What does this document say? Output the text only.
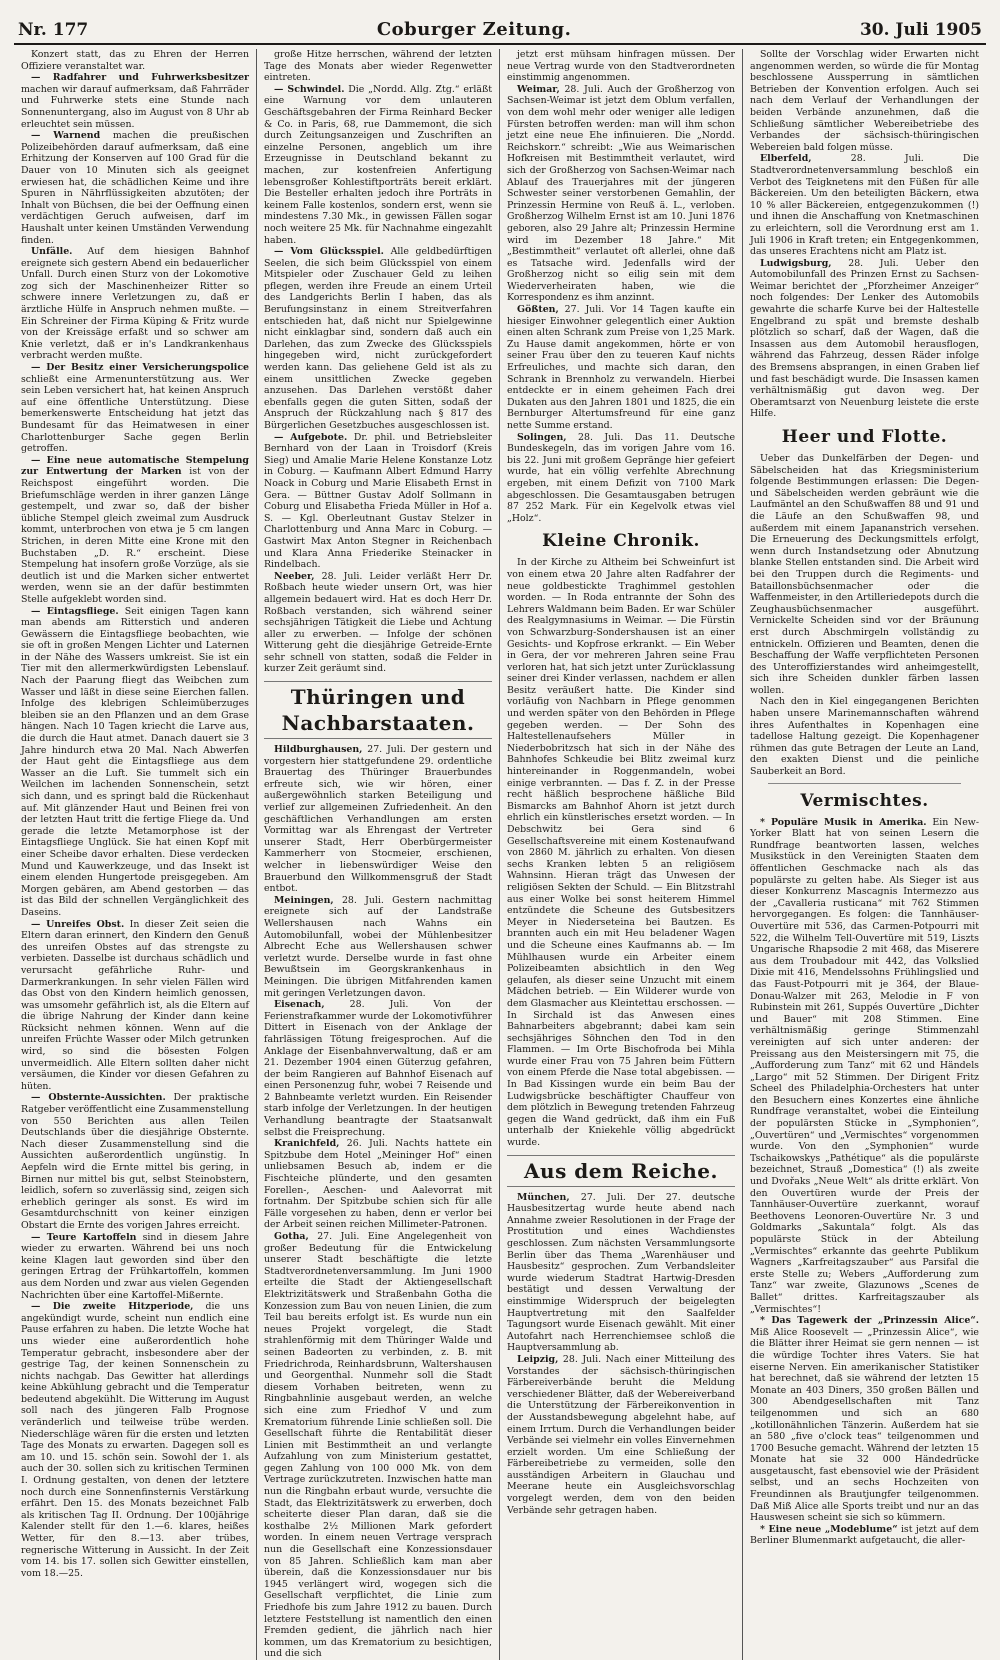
Nr. 177	Coburger Zeitung.	30. Juli 1905

Konzert statt, das zu Ehren der Herren Offiziere veranstaltet war.

— Radfahrer und Fuhrwerksbesitzer machen wir darauf aufmerksam, daß Fahrräder und Fuhrwerke stets eine Stunde nach Sonnenuntergang, also im August von 8 Uhr ab erleuchtet sein müssen.

— Warnend machen die preußischen Polizeibehörden darauf aufmerksam, daß eine Erhitzung der Konserven auf 100 Grad für die Dauer von 10 Minuten sich als geeignet erwiesen hat, die schädlichen Keime und ihre Spuren in Nährflüssigkeiten abzutöten; der Inhalt von Büchsen, die bei der Oeffnung einen verdächtigen Geruch aufweisen, darf im Haushalt unter keinen Umständen Verwendung finden.

Unfälle. Auf dem hiesigen Bahnhof ereignete sich gestern Abend ein bedauerlicher Unfall. Durch einen Sturz von der Lokomotive zog sich der Maschinenheizer Ritter so schwere innere Verletzungen zu, daß er ärztliche Hülfe in Anspruch nehmen mußte. — Ein Schreiner der Firma Küping & Fritz wurde von der Kreissäge erfaßt und so schwer am Knie verletzt, daß er in's Landkrankenhaus verbracht werden mußte.

— Der Besitz einer Versicherungspolice schließt eine Armenunterstützung aus. Wer sein Leben versichert hat, hat keinen Anspruch auf eine öffentliche Unterstützung. Diese bemerkenswerte Entscheidung hat jetzt das Bundesamt für das Heimatwesen in einer Charlottenburger Sache gegen Berlin getroffen.

— Eine neue automatische Stempelung zur Entwertung der Marken ist von der Reichspost eingeführt worden. Die Briefumschläge werden in ihrer ganzen Länge gestempelt, und zwar so, daß der bisher übliche Stempel gleich zweimal zum Ausdruck kommt, unterbrochen von etwa je 5 cm langen Strichen, in deren Mitte eine Krone mit den Buchstaben „D. R.“ erscheint. Diese Stempelung hat insofern große Vorzüge, als sie deutlich ist und die Marken sicher entwertet werden, wenn sie an der dafür bestimmten Stelle aufgeklebt worden sind.

— Eintagsfliege. Seit einigen Tagen kann man abends am Ritterstich und anderen Gewässern die Eintagsfliege beobachten, wie sie oft in großen Mengen Lichter und Laternen in der Nähe des Wassers umkreist. Sie ist ein Tier mit den allermerkwürdigsten Lebenslauf. Nach der Paarung fliegt das Weibchen zum Wasser und läßt in diese seine Eierchen fallen. Infolge des klebrigen Schleimüberzuges bleiben sie an den Pflanzen und an dem Grase hängen. Nach 10 Tagen kriecht die Larve aus, die durch die Haut atmet. Danach dauert sie 3 Jahre hindurch etwa 20 Mal. Nach Abwerfen der Haut geht die Eintagsfliege aus dem Wasser an die Luft. Sie tummelt sich ein Weilchen im lachenden Sonnenschein, setzt sich dann, und es springt bald die Rückenhaut auf. Mit glänzender Haut und Beinen frei von der letzten Haut tritt die fertige Fliege da. Und gerade die letzte Metamorphose ist der Eintagsfliege Unglück. Sie hat einen Kopf mit einer Scheibe davor erhalten. Diese verdecken Mund und Kauwerkzeuge, und das Insekt ist einem elenden Hungertode preisgegeben. Am Morgen gebären, am Abend gestorben — das ist das Bild der schnellen Vergänglichkeit des Daseins.

— Unreifes Obst. In dieser Zeit seien die Eltern daran erinnert, den Kindern den Genuß des unreifen Obstes auf das strengste zu verbieten. Dasselbe ist durchaus schädlich und verursacht gefährliche Ruhr- und Darmerkrankungen. In sehr vielen Fällen wird das Obst von den Kindern heimlich genossen, was umsomehr gefährlich ist, als die Eltern auf die übrige Nahrung der Kinder dann keine Rücksicht nehmen können. Wenn auf die unreifen Früchte Wasser oder Milch getrunken wird, so sind die bösesten Folgen unvermeidlich. Alle Eltern sollten daher nicht versäumen, die Kinder vor diesen Gefahren zu hüten.

— Obsternte-Aussichten. Der praktische Ratgeber veröffentlicht eine Zusammenstellung von 550 Berichten aus allen Teilen Deutschlands über die diesjährige Obsternte. Nach dieser Zusammenstellung sind die Aussichten außerordentlich ungünstig. In Aepfeln wird die Ernte mittel bis gering, in Birnen nur mittel bis gut, selbst Steinobstern, leidlich, sofern so zuverlässig sind, zeigen sich erheblich geringer als sonst. Es wird im Gesamtdurchschnitt von keiner einzigen Obstart die Ernte des vorigen Jahres erreicht.

— Teure Kartoffeln sind in diesem Jahre wieder zu erwarten. Während bei uns noch keine Klagen laut geworden sind über den geringen Ertrag der Frühkartoffeln, kommen aus dem Norden und zwar aus vielen Gegenden Nachrichten über eine Kartoffel-Mißernte.

— Die zweite Hitzperiode, die uns angekündigt wurde, scheint nun endlich eine Pause erfahren zu haben. Die letzte Woche hat uns wieder eine außerordentlich hohe Temperatur gebracht, insbesondere aber der gestrige Tag, der keinen Sonnenschein zu nichts nachgab. Das Gewitter hat allerdings keine Abkühlung gebracht und die Temperatur bedeutend abgekühlt. Die Witterung im August soll nach des jüngeren Falb Prognose veränderlich und teilweise trübe werden. Niederschläge wären für die ersten und letzten Tage des Monats zu erwarten. Dagegen soll es am 10. und 15. schön sein. Sowohl der 1. als auch der 30. sollen sich zu kritischen Terminen I. Ordnung gestalten, von denen der letztere noch durch eine Sonnenfinsternis Verstärkung erfährt. Den 15. des Monats bezeichnet Falb als kritischen Tag II. Ordnung. Der 100jährige Kalender stellt für den 1.—6. klares, heißes Wetter, für den 8.—13. aber trübes, regnerische Witterung in Aussicht. In der Zeit vom 14. bis 17. sollen sich Gewitter einstellen, vom 18.—25.

große Hitze herrschen, während der letzten Tage des Monats aber wieder Regenwetter eintreten.

— Schwindel. Die „Nordd. Allg. Ztg.“ erläßt eine Warnung vor dem unlauteren Geschäftsgebahren der Firma Reinhard Becker & Co. in Paris, 68, rue Dammemont, die sich durch Zeitungsanzeigen und Zuschriften an einzelne Personen, angeblich um ihre Erzeugnisse in Deutschland bekannt zu machen, zur kostenfreien Anfertigung lebensgroßer Kohlestiftporträts bereit erklärt. Die Besteller erhalten jedoch ihre Porträts in keinem Falle kostenlos, sondern erst, wenn sie mindestens 7.30 Mk., in gewissen Fällen sogar noch weitere 25 Mk. für Nachnahme eingezahlt haben.

— Vom Glücksspiel. Alle geldbedürftigen Seelen, die sich beim Glücksspiel von einem Mitspieler oder Zuschauer Geld zu leihen pflegen, werden ihre Freude an einem Urteil des Landgerichts Berlin I haben, das als Berufungsinstanz in einem Streitverfahren entschieden hat, daß nicht nur Spielgewinne nicht einklagbar sind, sondern daß auch ein Darlehen, das zum Zwecke des Glücksspiels hingegeben wird, nicht zurückgefordert werden kann. Das geliehene Geld ist als zu einem unsittlichen Zwecke gegeben anzusehen. Das Darlehen verstößt daher ebenfalls gegen die guten Sitten, sodaß der Anspruch der Rückzahlung nach § 817 des Bürgerlichen Gesetzbuches ausgeschlossen ist.

— Aufgebote. Dr. phil. und Betriebsleiter Bernhard von der Laan in Troisdorf (Kreis Sieg) und Amalie Marie Helene Konstanze Lotz in Coburg. — Kaufmann Albert Edmund Harry Noack in Coburg und Marie Elisabeth Ernst in Gera. — Büttner Gustav Adolf Sollmann in Coburg und Elisabetha Frieda Müller in Hof a. S. — Kgl. Oberleutnant Gustav Stelzer in Charlottenburg und Anna Marc in Coburg. — Gastwirt Max Anton Stegner in Reichenbach und Klara Anna Friederike Steinacker in Rindelbach.

Neeber, 28. Juli. Leider verläßt Herr Dr. Roßbach heute wieder unsern Ort, was hier allgemein bedauert wird. Hat es doch Herr Dr. Roßbach verstanden, sich während seiner sechsjährigen Tätigkeit die Liebe und Achtung aller zu erwerben. — Infolge der schönen Witterung geht die diesjährige Getreide-Ernte sehr schnell von statten, sodaß die Felder in kurzer Zeit geräumt sind.

Thüringen und Nachbarstaaten.

Hildburghausen, 27. Juli. Der gestern und vorgestern hier stattgefundene 29. ordentliche Brauertag des Thüringer Brauerbundes erfreute sich, wie wir hören, einer außergewöhnlich starken Beteiligung und verlief zur allgemeinen Zufriedenheit. An den geschäftlichen Verhandlungen am ersten Vormittag war als Ehrengast der Vertreter unserer Stadt, Herr Oberbürgermeister Kammerherr von Stocmeier, erschienen, welcher in liebenswürdiger Weise den Brauerbund den Willkommensgruß der Stadt entbot.

Meiningen, 28. Juli. Gestern nachmittag ereignete sich auf der Landstraße Wellershausen nach Wahns ein Automobilunfall, wobei der Mühlenbesitzer Albrecht Eche aus Wellershausen schwer verletzt wurde. Derselbe wurde in fast ohne Bewußtsein im Georgskrankenhaus in Meiningen. Die übrigen Mitfahrenden kamen mit geringen Verletzungen davon.

Eisenach,	28. Juli. Von der Ferienstrafkammer wurde der Lokomotivführer Dittert in Eisenach von der Anklage der fahrlässigen Tötung freigesprochen. Auf die Anklage der Eisenbahnverwaltung, daß er am 21. Dezember 1904 einen Güterzug gefahren, der beim Rangieren auf Bahnhof Eisenach auf einen Personenzug fuhr, wobei 7 Reisende und 2 Bahnbeamte verletzt wurden. Ein Reisender starb infolge der Verletzungen. In der heutigen Verhandlung beantragte der Staatsanwalt selbst die Freisprechung.

Kranichfeld, 26. Juli. Nachts hattete ein Spitzbube dem Hotel „Meininger Hof“ einen unliebsamen Besuch ab, indem er die Fischteiche plünderte, und den gesamten Forellen-, Aeschen- und Aalevorrat mit fortnahm. Der Spitzbube schien sich für alle Fälle vorgesehen zu haben, denn er verlor bei der Arbeit seinen reichen Millimeter-Patronen.

Gotha, 27. Juli. Eine Angelegenheit von großer Bedeutung für die Entwickelung unserer Stadt beschäftigte die letzte Stadtverordnetenversammlung. Im Juni 1900 erteilte die Stadt der Aktiengesellschaft Elektrizitätswerk und Straßenbahn Gotha die Konzession zum Bau von neuen Linien, die zum Teil bau bereits erfolgt ist. Es wurde nun ein neues Projekt vorgelegt, die Stadt strahlenförmig mit dem Thüringer Walde und seinen Badeorten zu verbinden, z. B. mit Friedrichroda, Reinhardsbrunn, Waltershausen und Georgenthal. Nunmehr soll die Stadt diesem Vorhaben beitreten, wenn zu Ringbahnlinie ausgebaut werden, an welche sich eine zum Friedhof V und zum Krematorium führende Linie schließen soll. Die Gesellschaft führte die Rentabilität dieser Linien mit Bestimmtheit an und verlangte Aufzahlung von zum Ministerium gestattet, gegen Zahlung von 100 000 Mk. von dem Vertrage zurückzutreten. Inzwischen hatte man nun die Ringbahn erbaut wurde, versuchte die Stadt, das Elektrizitätswerk zu erwerben, doch scheiterte dieser Plan daran, daß sie die kosthalbe 2½ Millionen Mark gefordert worden. In einem neuen Vertrage versprach nun die Gesellschaft eine Konzessionsdauer von 85 Jahren. Schließlich kam man aber überein, daß die Konzessionsdauer nur bis 1945 verlängert wird, wogegen sich die Gesellschaft verpflichtet, die Linie zum Friedhofe bis zum Jahre 1912 zu bauen. Durch letztere Feststellung ist namentlich den einen Fremden gedient, die jährlich nach hier kommen, um das Krematorium zu besichtigen, und die sich

jetzt erst mühsam hinfragen müssen. Der neue Vertrag wurde von den Stadtverordneten einstimmig angenommen.

Weimar, 28. Juli. Auch der Großherzog von Sachsen-Weimar ist jetzt dem Oblum verfallen, von dem wohl mehr oder weniger alle ledigen Fürsten betroffen werden: man will ihm schon jetzt eine neue Ehe infinuieren. Die „Nordd. Reichskorr.“ schreibt: „Wie aus Weimarischen Hofkreisen mit Bestimmtheit verlautet, wird sich der Großherzog von Sachsen-Weimar nach Ablauf des Trauerjahres mit der jüngeren Schwester seiner verstorbenen Gemahlin, der Prinzessin Hermine von Reuß ä. L., verloben. Großherzog Wilhelm Ernst ist am 10. Juni 1876 geboren, also 29 Jahre alt; Prinzessin Hermine wird im Dezember 18 Jahre.“ Mit „Bestimmtheit“ verlautet oft allerlei, ohne daß es Tatsache wird. Jedenfalls wird der Großherzog nicht so eilig sein mit dem Wiederverheiraten haben, wie die Korrespondenz es ihm anzinnt.

Gößten, 27. Juli. Vor 14 Tagen kaufte ein hiesiger Einwohner gelegentlich einer Auktion einen alten Schrank zum Preise von 1,25 Mark. Zu Hause damit angekommen, hörte er von seiner Frau über den zu teueren Kauf nichts Erfreuliches, und machte sich daran, den Schrank in Brennholz zu verwandeln. Hierbei entdeckte er in einem geheimen Fach drei Dukaten aus den Jahren 1801 und 1825, die ein Bernburger Altertumsfreund für eine ganz nette Summe erstand.

Solingen, 28. Juli. Das 11. Deutsche Bundeskegeln, das im vorigen Jahre vom 16. bis 22. Juni mit großem Gepränge hier gefeiert wurde, hat ein völlig verfehlte Abrechnung ergeben, mit einem Defizit von 7100 Mark abgeschlossen. Die Gesamtausgaben betrugen 87 252 Mark. Für ein Kegelvolk etwas viel „Holz“.

Kleine Chronik.

In der Kirche zu Altheim bei Schweinfurt ist von einem etwa 20 Jahre alten Radfahrer der neue goldbestickte Traghimmel gestohlen worden. — In Roda entrannte der Sohn des Lehrers Waldmann beim Baden. Er war Schüler des Realgymnasiums in Weimar. — Die Fürstin von Schwarzburg-Sondershausen ist an einer Gesichts- und Kopfrose erkrankt. — Ein Weber in Gera, der vor mehreren Jahren seine Frau verloren hat, hat sich jetzt unter Zurücklassung seiner drei Kinder verlassen, nachdem er allen Besitz veräußert hatte. Die Kinder sind vorläufig von Nachbarn in Pflege genommen und werden später von den Behörden in Pflege gegeben werden. — Der Sohn des Haltestellenaufsehers Müller in Niederbobritzsch hat sich in der Nähe des Bahnhofes Schkeudie bei Blitz zweimal kurz hintereinander in Roggenmandeln, wobei einige verbrannten. — Das f. Z. in der Presse recht häßlich besprochene häßliche Bild Bismarcks am Bahnhof Ahorn ist jetzt durch ehrlich ein künstlerisches ersetzt worden. — In Debschwitz bei Gera sind 6 Gesellschaftsvereine mit einem Kostenaufwand von 2860 M. jährlich zu erhalten. Von diesen sechs Kranken lebten 5 an religiösem Wahnsinn. Hieran trägt das Unwesen der religiösen Sekten der Schuld. — Ein Blitzstrahl aus einer Wolke bei sonst heiterem Himmel entzündete die Scheune des Gutsbesitzers Meyer in Niederseteina bei Bautzen. Es brannten auch ein mit Heu beladener Wagen und die Scheune eines Kaufmanns ab. — Im Mühlhausen wurde ein Arbeiter einem Polizeibeamten absichtlich in den Weg gelaufen, als dieser seine Unzucht mit einem Mädchen betrieb. — Ein Wilderer wurde von dem Glasmacher aus Kleintettau erschossen. — In Sirchald ist das Anwesen eines Bahnarbeiters abgebrannt; dabei kam sein sechsjähriges Söhnchen den Tod in den Flammen. — Im Orte Bischofroda bei Mihla wurde einer Frau von 75 Jahren beim Füttern von einem Pferde die Nase total abgebissen. — In Bad Kissingen wurde ein beim Bau der Ludwigsbrücke beschäftigter Chauffeur von dem plötzlich in Bewegung tretenden Fahrzeug gegen die Wand gedrückt, daß ihm ein Fuß unterhalb der Kniekehle völlig abgedrückt wurde.

Aus dem Reiche.

München, 27. Juli. Der 27. deutsche Hausbesitzertag wurde heute abend nach Annahme zweier Resolutionen in der Frage der Prostitution und eines Wachdienstes geschlossen. Zum nächsten Versammlungsorte Berlin über das Thema „Warenhäuser und Hausbesitz“ gesprochen. Zum Verbandsleiter wurde wiederum Stadtrat Hartwig-Dresden bestätigt und dessen Verwaltung der einstimmige Widerspruch der beigelegten Hauptvertretung mit den Saalfelder Tagungsort wurde Eisenach gewählt. Mit einer Autofahrt nach Herrenchiemsee schloß die Hauptversammlung ab.

Leipzig, 28. Juli. Nach einer Mitteilung des Vorstandes der sächsisch-thüringischen Färbereiverbände beruht die Meldung verschiedener Blätter, daß der Webereiverband die Unterstützung der Färbereikonvention in der Ausstandsbewegung abgelehnt habe, auf einem Irrtum. Durch die Verhandlungen beider Verbände sei vielmehr ein volles Einvernehmen erzielt worden. Um eine Schließung der Färbereibetriebe zu vermeiden, solle den ausständigen Arbeitern in Glauchau und Meerane heute ein Ausgleichsvorschlag vorgelegt werden, dem von den beiden Verbände sehr getragen haben.

Sollte der Vorschlag wider Erwarten nicht angenommen werden, so würde die für Montag beschlossene Aussperrung in sämtlichen Betrieben der Konvention erfolgen. Auch sei nach dem Verlauf der Verhandlungen der beiden Verbände anzunehmen, daß die Schließung sämtlicher Webereibetriebe des Verbandes der sächsisch-thüringischen Webereien bald folgen müsse.

Elberfeld,	28. Juli. Die Stadtverordnetenversammlung beschloß ein Verbot des Teigknetens mit den Füßen für alle Bäckereien. Um den beteiligten Bäckern, etwa 10 % aller Bäckereien, entgegenzukommen (!) und ihnen die Anschaffung von Knetmaschinen zu erleichtern, soll die Verordnung erst am 1. Juli 1906 in Kraft treten; ein Entgegenkommen, das unseres Erachtens nicht am Platz ist.

Ludwigsburg, 28. Juli. Ueber den Automobilunfall des Prinzen Ernst zu Sachsen-Weimar berichtet der „Pforzheimer Anzeiger“ noch folgendes: Der Lenker des Automobils gewahrte die scharfe Kurve bei der Haltestelle Engelbrand zu spät und bremste deshalb plötzlich so scharf, daß der Wagen, daß die Insassen aus dem Automobil herausflogen, während das Fahrzeug, dessen Räder infolge des Bremsens absprangen, in einen Graben lief und fast beschädigt wurde. Die Insassen kamen verhältnismäßig gut davon weg. Der Oberamtsarzt von Neuenburg leistete die erste Hilfe.

Heer und Flotte.

Ueber das Dunkelfärben der Degen- und Säbelscheiden hat das Kriegsministerium folgende Bestimmungen erlassen: Die Degen- und Säbelscheiden werden gebräunt wie die Laufmäntel an den Schußwaffen 88 und 91 und die Läufe an den Schußwaffen 98, und außerdem mit einem Japananstrich versehen. Die Erneuerung des Deckungsmittels erfolgt, wenn durch Instandsetzung oder Abnutzung blanke Stellen entstanden sind. Die Arbeit wird bei den Truppen durch die Regiments- und Bataillonsbüchsenmacher oder die Waffenmeister, in den Artilleriedepots durch die Zeughausbüchsenmacher ausgeführt. Vernickelte Scheiden sind vor der Bräunung erst durch Abschmirgeln vollständig zu entnickeln. Offizieren und Beamten, denen die Beschaffung der Waffe verpflichteten Personen des Unteroffizierstandes wird anheimgestellt, sich ihre Scheiden dunkler färben lassen wollen.

Nach den in Kiel eingegangenen Berichten haben unsere Marinemannschaften während ihres Aufenthaltes in Kopenhagen eine tadellose Haltung gezeigt. Die Kopenhagener rühmen das gute Betragen der Leute an Land, den exakten Dienst und die peinliche Sauberkeit an Bord.

Vermischtes.

* Populäre Musik in Amerika. Ein New-Yorker Blatt hat von seinen Lesern die Rundfrage beantworten lassen, welches Musikstück in den Vereinigten Staaten dem öffentlichen Geschmacke nach als das populärste zu gelten habe. Als Sieger ist aus dieser Konkurrenz Mascagnis Intermezzo aus der „Cavalleria rusticana“ mit 762 Stimmen hervorgegangen. Es folgen: die Tannhäuser-Ouvertüre mit 536, das Carmen-Potpourri mit 522, die Wilhelm Tell-Ouvertüre mit 519, Liszts Ungarische Rhapsodie 2 mit 468, das Miserere aus dem Troubadour mit 442, das Volkslied Dixie mit 416, Mendelssohns Frühlingslied und das Faust-Potpourri mit je 364, der Blaue-Donau-Walzer mit 263, Melodie in F von Rubinstein mit 261, Suppés Ouvertüre „Dichter und Bauer“ mit 208 Stimmen. Eine verhältnismäßig geringe Stimmenzahl vereinigten auf sich unter anderen: der Preissang aus den Meistersingern mit 75, die „Aufforderung zum Tanz“ mit 62 und Händels „Largo“ mit 52 Stimmen. Der Dirigent Fritz Scheel des Philadelphia-Orchesters hat unter den Besuchern eines Konzertes eine ähnliche Rundfrage veranstaltet, wobei die Einteilung der populärsten Stücke in „Symphonien“, „Ouvertüren“ und „Vermischtes“ vorgenommen wurde. Von den „Symphonien“ wurde Tschaikowskys „Pathétique“ als die populärste bezeichnet, Strauß „Domestica“ (!) als zweite und Dvořaks „Neue Welt“ als dritte erklärt. Von den Ouvertüren wurde der Preis der Tannhäuser-Ouvertüre zuerkannt, worauf Beethovens Leonoren-Ouvertüre Nr. 3 und Goldmarks „Sakuntala“ folgt. Als das populärste Stück in der Abteilung „Vermischtes“ erkannte das geehrte Publikum Wagners „Karfreitagszauber“ aus Parsifal die erste Stelle zu; Webers „Aufforderung zum Tanz“ war zweite, Glazunows „Scenes de Ballet“ drittes. Karfreitagszauber als „Vermischtes“!

* Das Tagewerk der „Prinzessin Alice“. Miß Alice Roosevelt — „Prinzessin Alice“, wie die Blätter ihrer Heimat sie gern nennen — ist die würdige Tochter ihres Vaters. Sie hat eiserne Nerven. Ein amerikanischer Statistiker hat berechnet, daß sie während der letzten 15 Monate an 403 Diners, 350 großen Bällen und 300 Abendgesellschaften mit Tanz teilgenommen und sich an 680 „kotillonähnlichen Tänzerin. Außerdem hat sie an 580 „five o'clock teas“ teilgenommen und 1700 Besuche gemacht. Während der letzten 15 Monate hat sie 32 000 Händedrücke ausgetauscht, fast ebensoviel wie der Präsident selbst, und an sechs Hochzeiten von Freundinnen als Brautjungfer teilgenommen. Daß Miß Alice alle Sports treibt und nur an das Hauswesen scheint sie sich so kümmern.

* Eine neue „Modeblume“ ist jetzt auf dem Berliner Blumenmarkt aufgetaucht, die aller-
